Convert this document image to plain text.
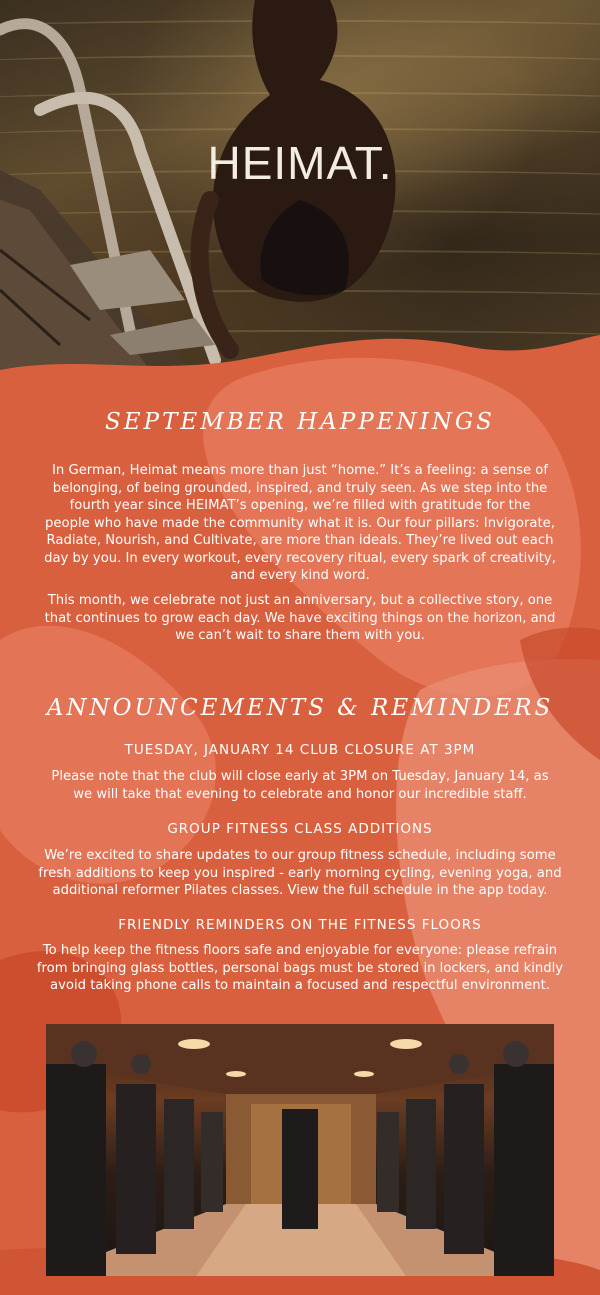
HEIMAT.
SEPTEMBER HAPPENINGS
In German, Heimat means more than just “home.” It’s a feeling: a sense of
belonging, of being grounded, inspired, and truly seen. As we step into the
fourth year since HEIMAT’s opening, we’re filled with gratitude for the
people who have made the community what it is. Our four pillars: Invigorate,
Radiate, Nourish, and Cultivate, are more than ideals. They’re lived out each
day by you. In every workout, every recovery ritual, every spark of creativity,
and every kind word.
This month, we celebrate not just an anniversary, but a collective story, one
that continues to grow each day. We have exciting things on the horizon, and
we can’t wait to share them with you.
ANNOUNCEMENTS & REMINDERS
TUESDAY, JANUARY 14 CLUB CLOSURE AT 3PM
Please note that the club will close early at 3PM on Tuesday, January 14, as
we will take that evening to celebrate and honor our incredible staff.
GROUP FITNESS CLASS ADDITIONS
We’re excited to share updates to our group fitness schedule, including some
fresh additions to keep you inspired - early morning cycling, evening yoga, and
additional reformer Pilates classes. View the full schedule in the app today.
FRIENDLY REMINDERS ON THE FITNESS FLOORS
To help keep the fitness floors safe and enjoyable for everyone: please refrain
from bringing glass bottles, personal bags must be stored in lockers, and kindly
avoid taking phone calls to maintain a focused and respectful environment.
